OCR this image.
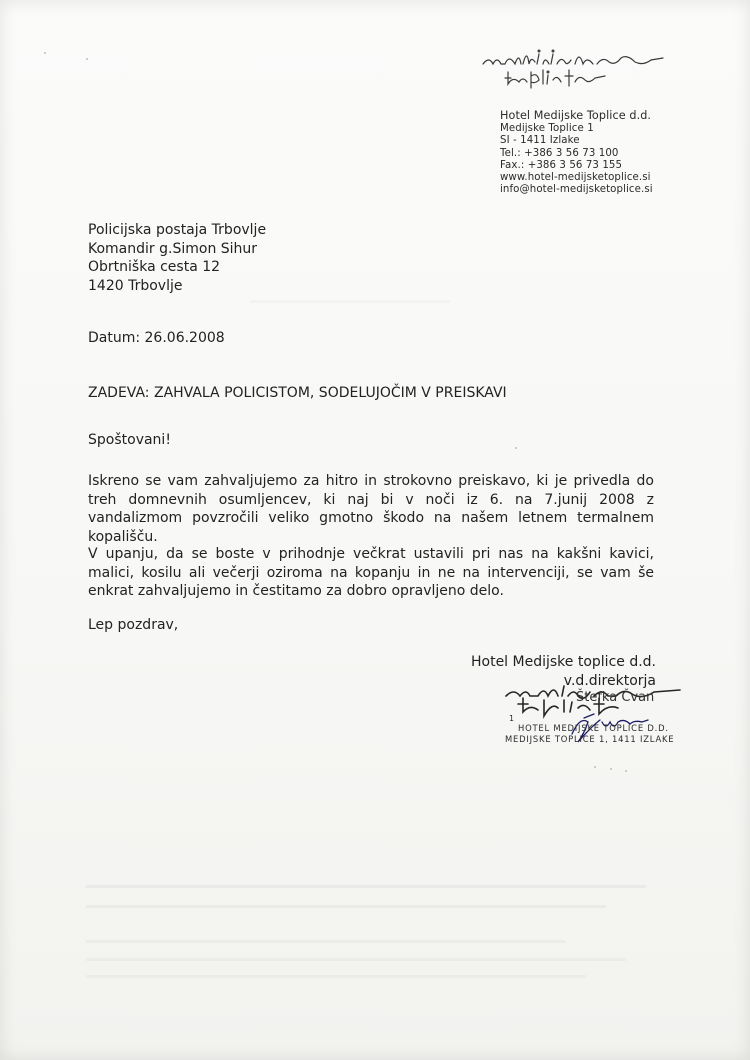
Hotel Medijske Toplice d.d.
Medijske Toplice 1
SI - 1411 Izlake
Tel.: +386 3 56 73 100
Fax.: +386 3 56 73 155
www.hotel-medijsketoplice.si
info@hotel-medijsketoplice.si
Policijska postaja Trbovlje
Komandir g.Simon Sihur
Obrtniška cesta 12
1420 Trbovlje
Datum: 26.06.2008
ZADEVA: ZAHVALA POLICISTOM, SODELUJOČIM V PREISKAVI
Spoštovani!
Iskreno se vam zahvaljujemo za hitro in strokovno preiskavo, ki je privedla do treh domnevnih osumljencev, ki naj bi v noči iz 6. na 7.junij 2008 z vandalizmom povzročili veliko gmotno škodo na našem letnem termalnem kopališču.
V upanju, da se boste v prihodnje večkrat ustavili pri nas na kakšni kavici, malici, kosilu ali večerji oziroma na kopanju in ne na intervenciji, se vam še enkrat zahvaljujemo in čestitamo za dobro opravljeno delo.
Lep pozdrav,
Hotel Medijske toplice d.d.
v.d.direktorja
Štefka Čvan
1
HOTEL MEDIJSKE TOPLICE D.D.
MEDIJSKE TOPLICE 1, 1411 IZLAKE
